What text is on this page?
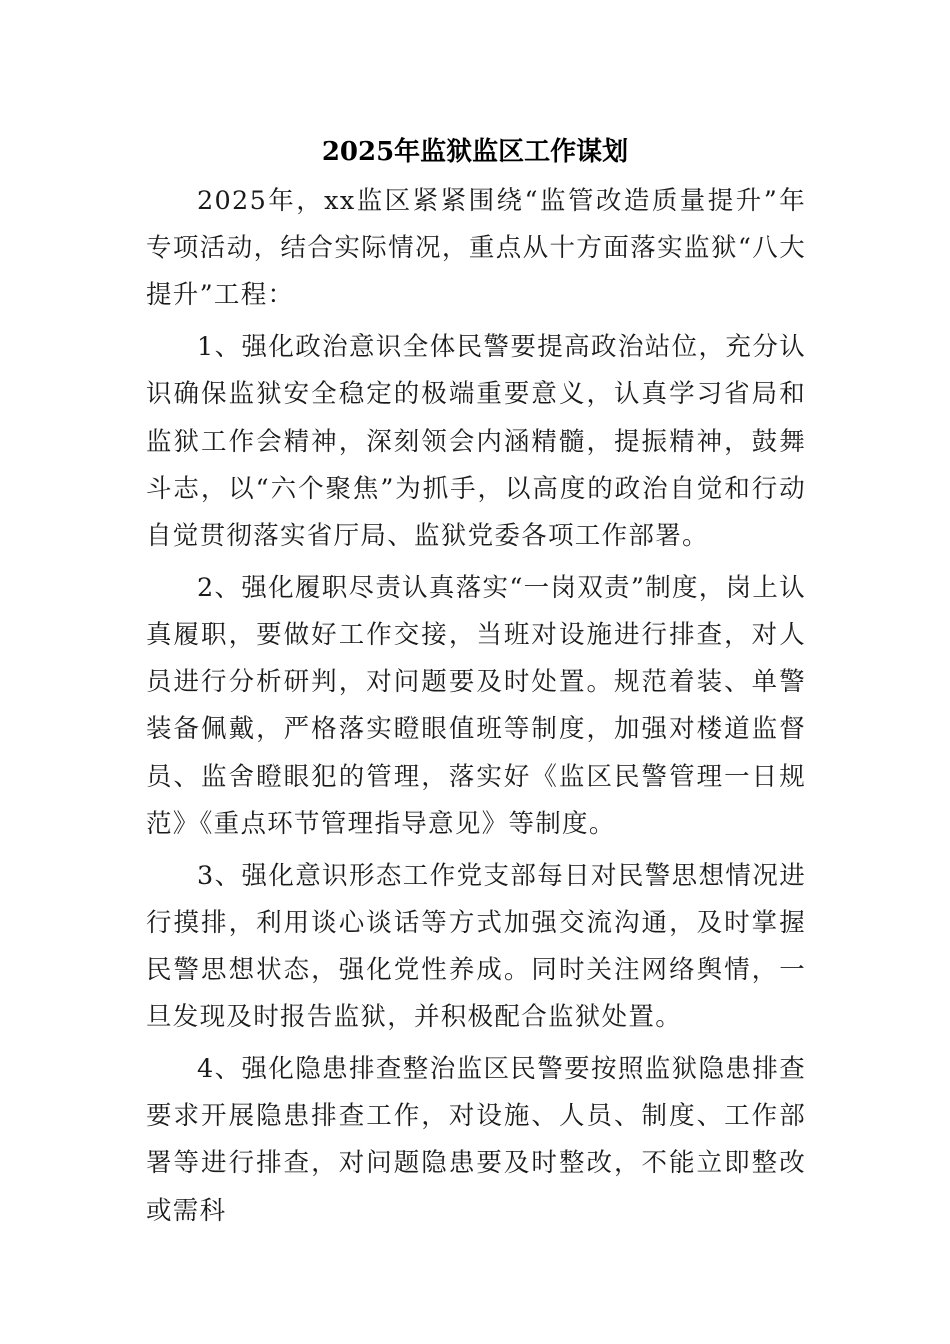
2025年监狱监区工作谋划

2025年，xx监区紧紧围绕“监管改造质量提升”年专项活动，结合实际情况，重点从十方面落实监狱“八大提升”工程：

1、强化政治意识全体民警要提高政治站位，充分认识确保监狱安全稳定的极端重要意义，认真学习省局和监狱工作会精神，深刻领会内涵精髓，提振精神，鼓舞斗志，以“六个聚焦”为抓手，以高度的政治自觉和行动自觉贯彻落实省厅局、监狱党委各项工作部署。

2、强化履职尽责认真落实“一岗双责”制度，岗上认真履职，要做好工作交接，当班对设施进行排查，对人员进行分析研判，对问题要及时处置。规范着装、单警装备佩戴，严格落实瞪眼值班等制度，加强对楼道监督员、监舍瞪眼犯的管理，落实好《监区民警管理一日规范》《重点环节管理指导意见》等制度。

3、强化意识形态工作党支部每日对民警思想情况进行摸排，利用谈心谈话等方式加强交流沟通，及时掌握民警思想状态，强化党性养成。同时关注网络舆情，一旦发现及时报告监狱，并积极配合监狱处置。

4、强化隐患排查整治监区民警要按照监狱隐患排查要求开展隐患排查工作，对设施、人员、制度、工作部署等进行排查，对问题隐患要及时整改，不能立即整改或需科
